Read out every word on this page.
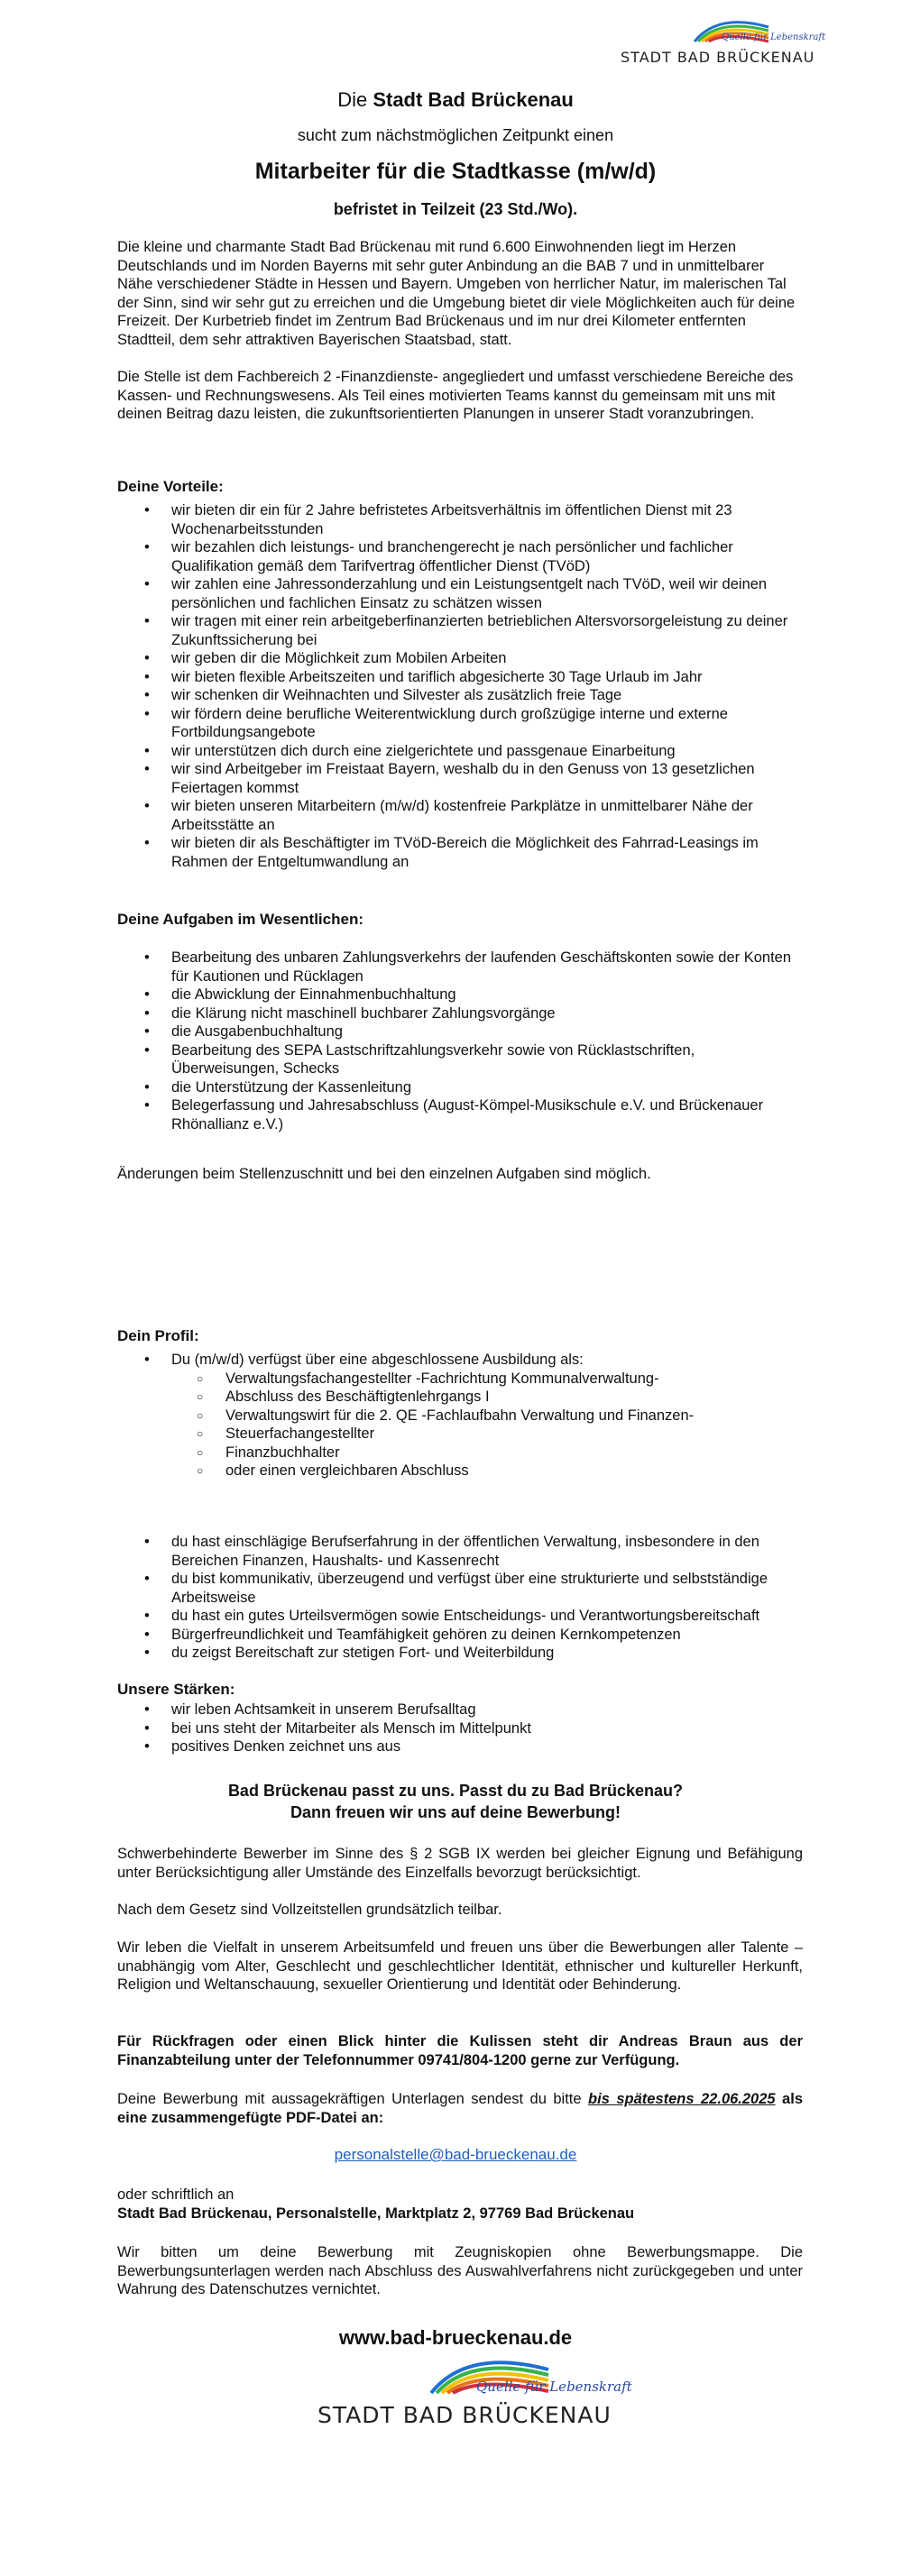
Quelle für Lebenskraft
STADT BAD BRÜCKENAU
Die Stadt Bad Brückenau
sucht zum nächstmöglichen Zeitpunkt einen
Mitarbeiter für die Stadtkasse (m/w/d)
befristet in Teilzeit (23 Std./Wo).
Die kleine und charmante Stadt Bad Brückenau mit rund 6.600 Einwohnenden liegt im Herzen Deutschlands und im Norden Bayerns mit sehr guter Anbindung an die BAB 7 und in unmittelbarer Nähe verschiedener Städte in Hessen und Bayern. Umgeben von herrlicher Natur, im malerischen Tal der Sinn, sind wir sehr gut zu erreichen und die Umgebung bietet dir viele Möglichkeiten auch für deine Freizeit. Der Kurbetrieb findet im Zentrum Bad Brückenaus und im nur drei Kilometer entfernten Stadtteil, dem sehr attraktiven Bayerischen Staatsbad, statt.
Die Stelle ist dem Fachbereich 2 -Finanzdienste- angegliedert und umfasst verschiedene Bereiche des Kassen- und Rechnungswesens. Als Teil eines motivierten Teams kannst du gemeinsam mit uns mit deinen Beitrag dazu leisten, die zukunftsorientierten Planungen in unserer Stadt voranzubringen.
Deine Vorteile:
• wir bieten dir ein für 2 Jahre befristetes Arbeitsverhältnis im öffentlichen Dienst mit 23 Wochenarbeitsstunden
• wir bezahlen dich leistungs- und branchengerecht je nach persönlicher und fachlicher Qualifikation gemäß dem Tarifvertrag öffentlicher Dienst (TVöD)
• wir zahlen eine Jahressonderzahlung und ein Leistungsentgelt nach TVöD, weil wir deinen persönlichen und fachlichen Einsatz zu schätzen wissen
• wir tragen mit einer rein arbeitgeberfinanzierten betrieblichen Altersvorsorgeleistung zu deiner Zukunftssicherung bei
• wir geben dir die Möglichkeit zum Mobilen Arbeiten
• wir bieten flexible Arbeitszeiten und tariflich abgesicherte 30 Tage Urlaub im Jahr
• wir schenken dir Weihnachten und Silvester als zusätzlich freie Tage
• wir fördern deine berufliche Weiterentwicklung durch großzügige interne und externe Fortbildungsangebote
• wir unterstützen dich durch eine zielgerichtete und passgenaue Einarbeitung
• wir sind Arbeitgeber im Freistaat Bayern, weshalb du in den Genuss von 13 gesetzlichen Feiertagen kommst
• wir bieten unseren Mitarbeitern (m/w/d) kostenfreie Parkplätze in unmittelbarer Nähe der Arbeitsstätte an
• wir bieten dir als Beschäftigter im TVöD-Bereich die Möglichkeit des Fahrrad-Leasings im Rahmen der Entgeltumwandlung an
Deine Aufgaben im Wesentlichen:
• Bearbeitung des unbaren Zahlungsverkehrs der laufenden Geschäftskonten sowie der Konten für Kautionen und Rücklagen
• die Abwicklung der Einnahmenbuchhaltung
• die Klärung nicht maschinell buchbarer Zahlungsvorgänge
• die Ausgabenbuchhaltung
• Bearbeitung des SEPA Lastschriftzahlungsverkehr sowie von Rücklastschriften, Überweisungen, Schecks
• die Unterstützung der Kassenleitung
• Belegerfassung und Jahresabschluss (August-Kömpel-Musikschule e.V. und Brückenauer Rhönallianz e.V.)
Änderungen beim Stellenzuschnitt und bei den einzelnen Aufgaben sind möglich.
Dein Profil:
• Du (m/w/d) verfügst über eine abgeschlossene Ausbildung als:
○ Verwaltungsfachangestellter -Fachrichtung Kommunalverwaltung-
○ Abschluss des Beschäftigtenlehrgangs I
○ Verwaltungswirt für die 2. QE -Fachlaufbahn Verwaltung und Finanzen-
○ Steuerfachangestellter
○ Finanzbuchhalter
○ oder einen vergleichbaren Abschluss
• du hast einschlägige Berufserfahrung in der öffentlichen Verwaltung, insbesondere in den Bereichen Finanzen, Haushalts- und Kassenrecht
• du bist kommunikativ, überzeugend und verfügst über eine strukturierte und selbstständige Arbeitsweise
• du hast ein gutes Urteilsvermögen sowie Entscheidungs- und Verantwortungsbereitschaft
• Bürgerfreundlichkeit und Teamfähigkeit gehören zu deinen Kernkompetenzen
• du zeigst Bereitschaft zur stetigen Fort- und Weiterbildung
Unsere Stärken:
• wir leben Achtsamkeit in unserem Berufsalltag
• bei uns steht der Mitarbeiter als Mensch im Mittelpunkt
• positives Denken zeichnet uns aus
Bad Brückenau passt zu uns. Passt du zu Bad Brückenau?
Dann freuen wir uns auf deine Bewerbung!
Schwerbehinderte Bewerber im Sinne des § 2 SGB IX werden bei gleicher Eignung und Befähigung unter Berücksichtigung aller Umstände des Einzelfalls bevorzugt berücksichtigt.
Nach dem Gesetz sind Vollzeitstellen grundsätzlich teilbar.
Wir leben die Vielfalt in unserem Arbeitsumfeld und freuen uns über die Bewerbungen aller Talente – unabhängig vom Alter, Geschlecht und geschlechtlicher Identität, ethnischer und kultureller Herkunft, Religion und Weltanschauung, sexueller Orientierung und Identität oder Behinderung.
Für Rückfragen oder einen Blick hinter die Kulissen steht dir Andreas Braun aus der Finanzabteilung unter der Telefonnummer 09741/804-1200 gerne zur Verfügung.
Deine Bewerbung mit aussagekräftigen Unterlagen sendest du bitte bis spätestens 22.06.2025 als eine zusammengefügte PDF-Datei an:
personalstelle@bad-brueckenau.de
oder schriftlich an
Stadt Bad Brückenau, Personalstelle, Marktplatz 2, 97769 Bad Brückenau
Wir bitten um deine Bewerbung mit Zeugniskopien ohne Bewerbungsmappe. Die Bewerbungsunterlagen werden nach Abschluss des Auswahlverfahrens nicht zurückgegeben und unter Wahrung des Datenschutzes vernichtet.
www.bad-brueckenau.de
Quelle für Lebenskraft
STADT BAD BRÜCKENAU
